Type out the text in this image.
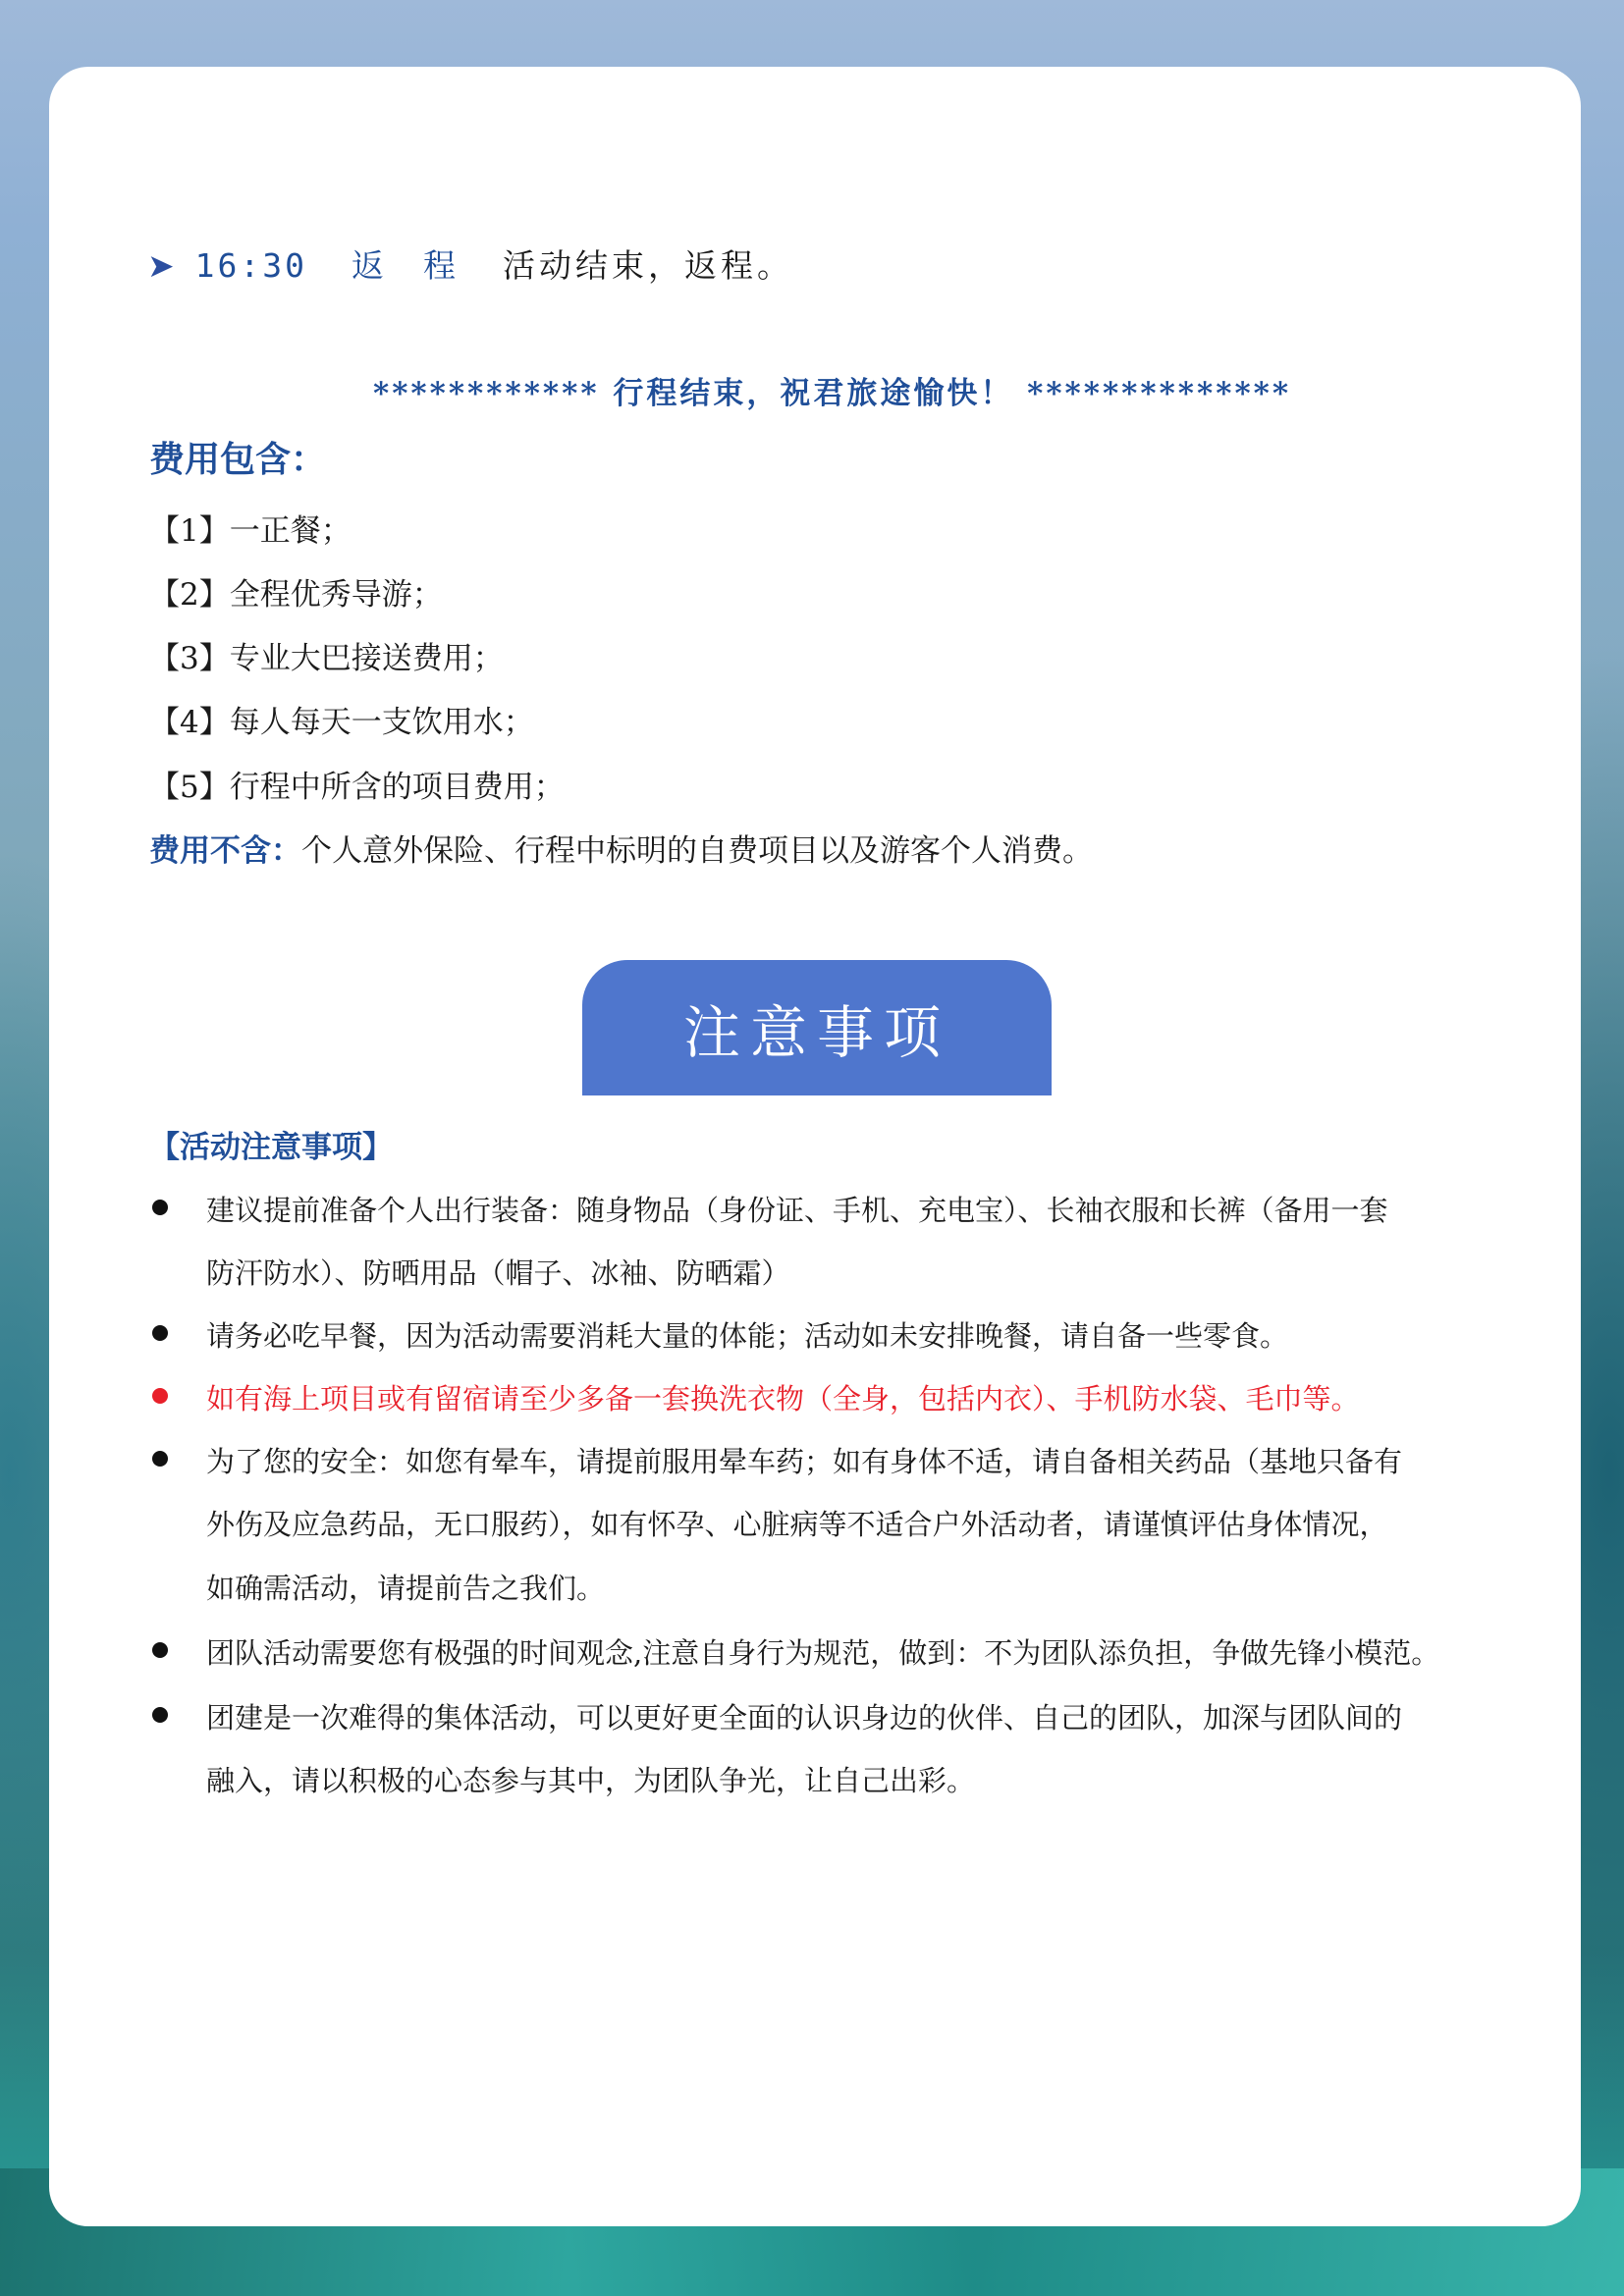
➤ 16:30 返程 活动结束，返程。

************ 行程结束，祝君旅途愉快！ **************

费用包含：

【1】一正餐；

【2】全程优秀导游；

【3】专业大巴接送费用；

【4】每人每天一支饮用水；

【5】行程中所含的项目费用；

费用不含：个人意外保险、行程中标明的自费项目以及游客个人消费。

注意事项

【活动注意事项】

建议提前准备个人出行装备：随身物品（身份证、手机、充电宝）、长袖衣服和长裤（备用一套

防汗防水）、防晒用品（帽子、冰袖、防晒霜）

请务必吃早餐，因为活动需要消耗大量的体能；活动如未安排晚餐，请自备一些零食。

如有海上项目或有留宿请至少多备一套换洗衣物（全身，包括内衣）、手机防水袋、毛巾等。

为了您的安全：如您有晕车，请提前服用晕车药；如有身体不适，请自备相关药品（基地只备有

外伤及应急药品，无口服药），如有怀孕、心脏病等不适合户外活动者，请谨慎评估身体情况，

如确需活动，请提前告之我们。

团队活动需要您有极强的时间观念,注意自身行为规范，做到：不为团队添负担，争做先锋小模范。

团建是一次难得的集体活动，可以更好更全面的认识身边的伙伴、自己的团队，加深与团队间的

融入，请以积极的心态参与其中，为团队争光，让自己出彩。
